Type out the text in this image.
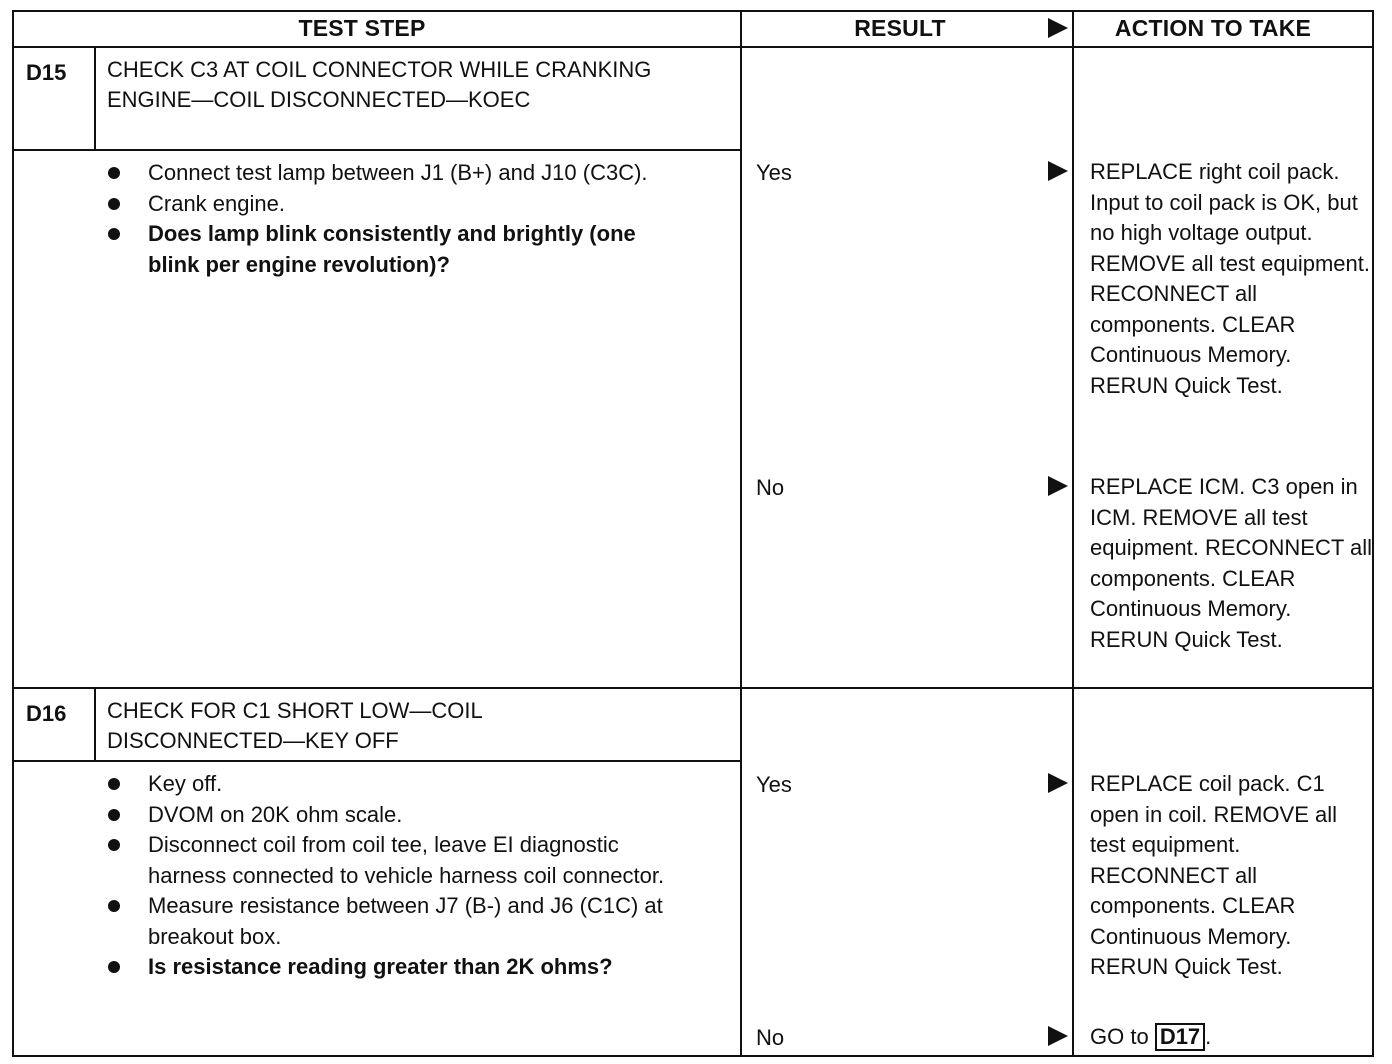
TEST STEP	RESULT	ACTION TO TAKE
D15 CHECK C3 AT COIL CONNECTOR WHILE CRANKING ENGINE—COIL DISCONNECTED—KOEC
Connect test lamp between J1 (B+) and J10 (C3C).
Crank engine.
Does lamp blink consistently and brightly (one blink per engine revolution)?
Yes	REPLACE right coil pack. Input to coil pack is OK, but no high voltage output. REMOVE all test equipment. RECONNECT all components. CLEAR Continuous Memory. RERUN Quick Test.
No	REPLACE ICM. C3 open in ICM. REMOVE all test equipment. RECONNECT all components. CLEAR Continuous Memory. RERUN Quick Test.
D16 CHECK FOR C1 SHORT LOW—COIL DISCONNECTED—KEY OFF
Key off.
DVOM on 20K ohm scale.
Disconnect coil from coil tee, leave EI diagnostic harness connected to vehicle harness coil connector.
Measure resistance between J7 (B-) and J6 (C1C) at breakout box.
Is resistance reading greater than 2K ohms?
Yes	REPLACE coil pack. C1 open in coil. REMOVE all test equipment. RECONNECT all components. CLEAR Continuous Memory. RERUN Quick Test.
No	GO to D17 .
